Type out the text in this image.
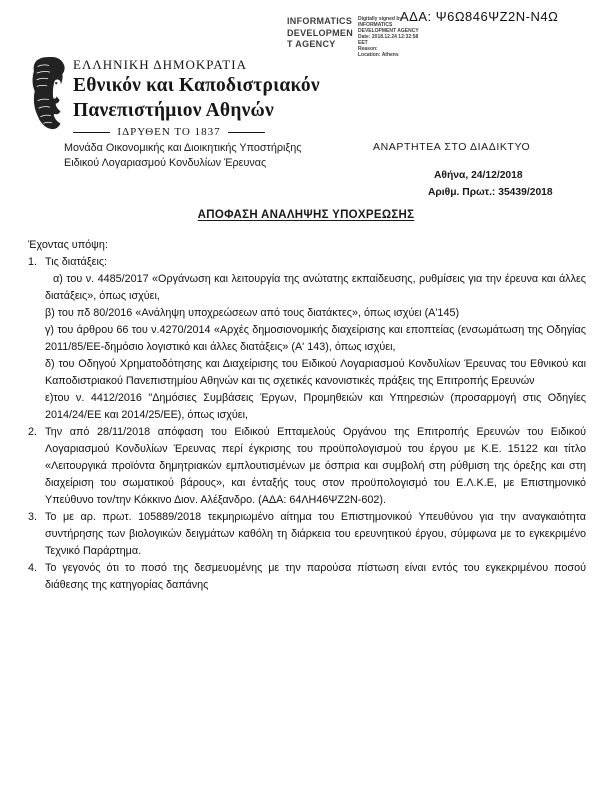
ΑΔΑ: Ψ6Ω846ΨΖ2N-N4Ω
INFORMATICS DEVELOPMENT AGENCY
Digitally signed by
INFORMATICS
DEVELOPMENT AGENCY
Date: 2018.12.24 12:32:58
EET
Reason:
Location: Athens
ΕΛΛΗΝΙΚΗ ΔΗΜΟΚΡΑΤΙΑ
Εθνικόν και Καποδιστριακόν
Πανεπιστήμιον Αθηνών
ΙΔΡΥΘΕΝ ΤΟ 1837
Μονάδα Οικονομικής και Διοικητικής Υποστήριξης
Ειδικού Λογαριασμού Κονδυλίων Έρευνας
ΑΝΑΡΤΗΤΕΑ ΣΤΟ ΔΙΑΔΙΚΤΥΟ
Αθήνα, 24/12/2018
Αριθμ. Πρωτ.: 35439/2018
ΑΠΟΦΑΣΗ ΑΝΑΛΗΨΗΣ ΥΠΟΧΡΕΩΣΗΣ
Έχοντας υπόψη:
1. Τις διατάξεις:
α) του ν. 4485/2017 «Οργάνωση και λειτουργία της ανώτατης εκπαίδευσης, ρυθμίσεις για την έρευνα και άλλες διατάξεις», όπως ισχύει,
β) του πδ 80/2016 «Ανάληψη υποχρεώσεων από τους διατάκτες», όπως ισχύει (Α'145)
γ) του άρθρου 66 του ν.4270/2014 «Αρχές δημοσιονομικής διαχείρισης και εποπτείας (ενσωμάτωση της Οδηγίας 2011/85/ΕΕ-δημόσιο λογιστικό και άλλες διατάξεις» (Α' 143), όπως ισχύει,
δ) του Οδηγού Χρηματοδότησης και Διαχείρισης του Ειδικού Λογαριασμού Κονδυλίων Έρευνας του Εθνικού και Καποδιστριακού Πανεπιστημίου Αθηνών και τις σχετικές κανονιστικές πράξεις της Επιτροπής Ερευνών
ε)του ν. 4412/2016 "Δημόσιες Συμβάσεις Έργων, Προμηθειών και Υπηρεσιών (προσαρμογή στις Οδηγίες 2014/24/ΕΕ και 2014/25/ΕΕ), όπως ισχύει,
2. Την από 28/11/2018 απόφαση του Ειδικού Επταμελούς Οργάνου της Επιτροπής Ερευνών του Ειδικού Λογαριασμού Κονδυλίων Έρευνας περί έγκρισης του προϋπολογισμού του έργου με Κ.Ε. 15122 και τίτλο «Λειτουργικά προϊόντα δημητριακών εμπλουτισμένων με όσπρια και συμβολή στη ρύθμιση της όρεξης και στη διαχείριση του σωματικού βάρους», και ένταξής τους στον προϋπολογισμό του Ε.Λ.Κ.Ε, με Επιστημονικό Υπεύθυνο τον/την Κόκκινο Διον. Αλέξανδρο. (ΑΔΑ: 64ΛΗ46ΨΖ2Ν-602).
3. Το με αρ. πρωτ. 105889/2018 τεκμηριωμένο αίτημα του Επιστημονικού Υπευθύνου για την αναγκαιότητα συντήρησης των βιολογικών δειγμάτων καθόλη τη διάρκεια του ερευνητικού έργου, σύμφωνα με το εγκεκριμένο Τεχνικό Παράρτημα.
4. Το γεγονός ότι το ποσό της δεσμευομένης με την παρούσα πίστωση είναι εντός του εγκεκριμένου ποσού διάθεσης της κατηγορίας δαπάνης
